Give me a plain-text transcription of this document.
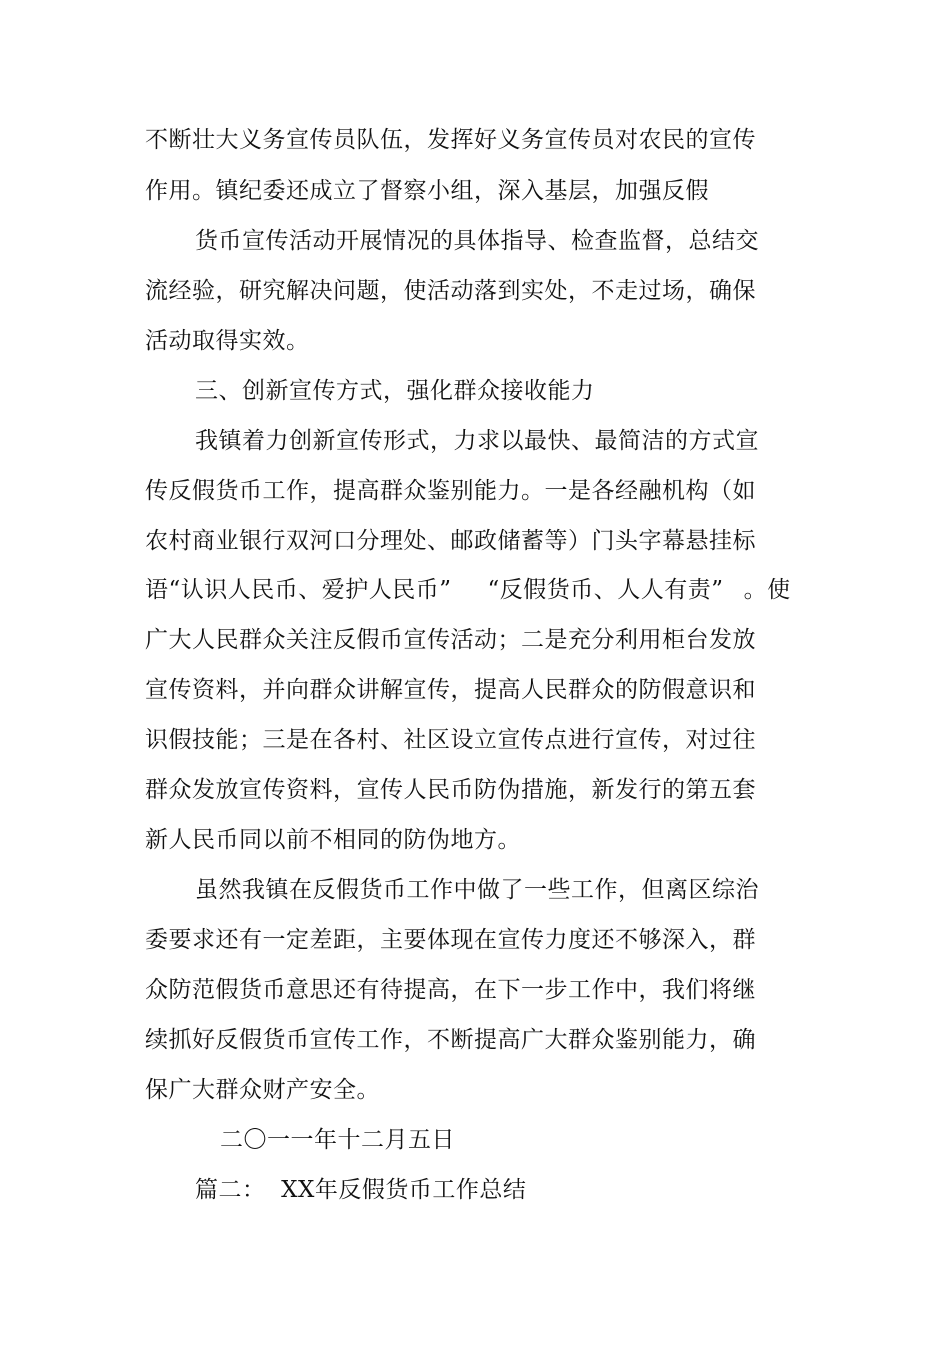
不断壮大义务宣传员队伍，发挥好义务宣传员对农民的宣传
作用。镇纪委还成立了督察小组，深入基层，加强反假
货币宣传活动开展情况的具体指导、检查监督，总结交
流经验，研究解决问题，使活动落到实处，不走过场，确保
活动取得实效。
三、创新宣传方式，强化群众接收能力
我镇着力创新宣传形式，力求以最快、最简洁的方式宣
传反假货币工作，提高群众鉴别能力。一是各经融机构（如
农村商业银行双河口分理处、邮政储蓄等）门头字幕悬挂标
语“认识人民币、爱护人民币” “反假货币、人人有责” 。使
广大人民群众关注反假币宣传活动；二是充分利用柜台发放
宣传资料，并向群众讲解宣传，提高人民群众的防假意识和
识假技能；三是在各村、社区设立宣传点进行宣传，对过往
群众发放宣传资料，宣传人民币防伪措施，新发行的第五套
新人民币同以前不相同的防伪地方。
虽然我镇在反假货币工作中做了一些工作，但离区综治
委要求还有一定差距，主要体现在宣传力度还不够深入，群
众防范假货币意思还有待提高，在下一步工作中，我们将继
续抓好反假货币宣传工作，不断提高广大群众鉴别能力，确
保广大群众财产安全。
二〇一一年十二月五日
篇二： XX年反假货币工作总结
